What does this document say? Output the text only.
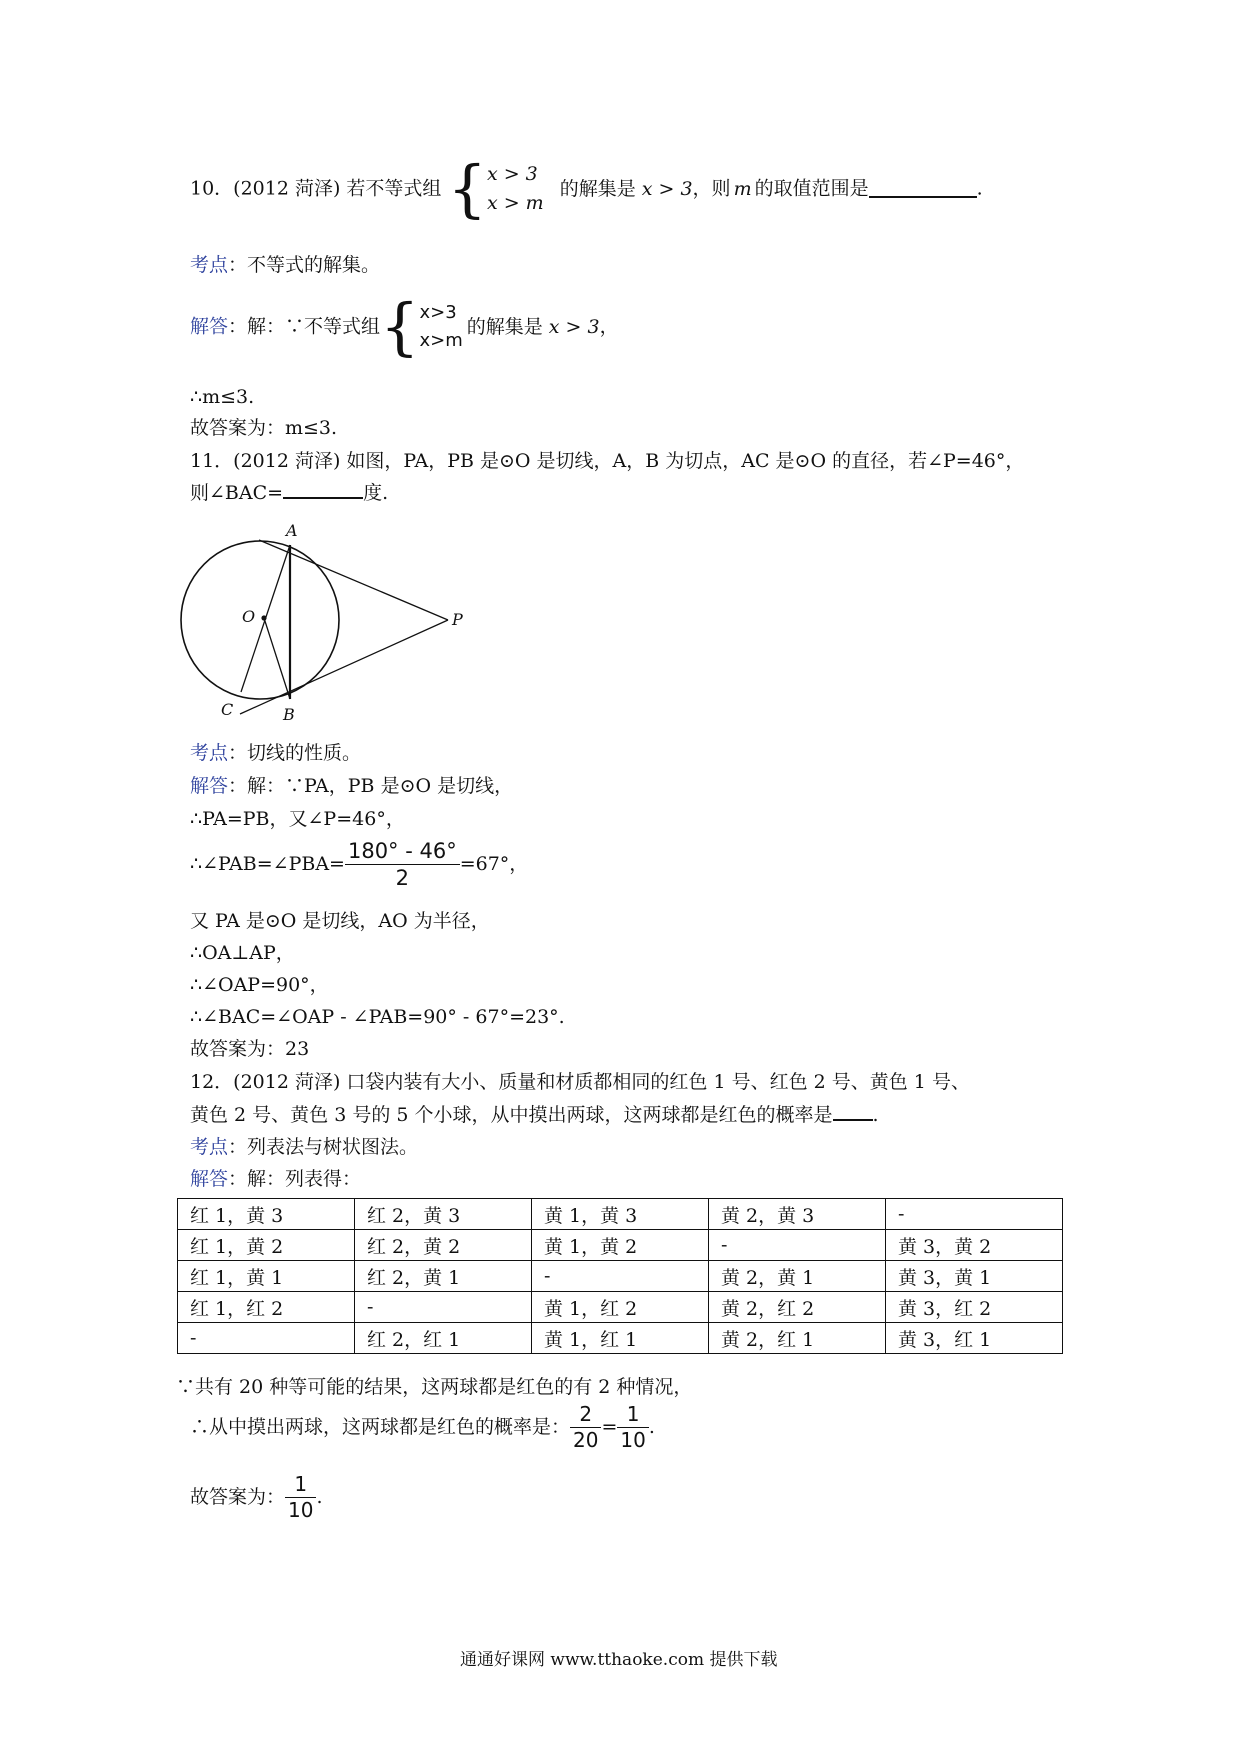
10．(2012 菏泽) 若不等式组 { x > 3
x > m
的解集是 x > 3，则 m 的取值范围是	.
考点：不等式的解集。
解答：解：∵不等式组{ x>3
x>m
的解集是 x > 3，
∴m≤3.
故答案为：m≤3.
11．(2012 菏泽) 如图，PA，PB 是⊙O 是切线，A，B 为切点，AC 是⊙O 的直径，若∠P=46°，
则∠BAC=	度.
A
O	P
C	B
考点：切线的性质。
解答：解：∵PA，PB 是⊙O 是切线，
∴PA=PB，又∠P=46°，
∴∠PAB=∠PBA= $\frac{180^\circ - 46^\circ}{2} =67^\circ$，
又 PA 是⊙O 是切线，AO 为半径，
∴OA⊥AP，
∴∠OAP=90°，
∴∠BAC=∠OAP - ∠PAB=90° - 67°=23°.
故答案为：23
12．(2012 菏泽) 口袋内装有大小、质量和材质都相同的红色 1 号、红色 2 号、黄色 1 号、
黄色 2 号、黄色 3 号的 5 个小球，从中摸出两球，这两球都是红色的概率是 .
考点：列表法与树状图法。
解答：解：列表得：
红 1，黄 3	红 2，黄 3	黄 1，黄 3	黄 2，黄 3	-
红 1，黄 2	红 2，黄 2	黄 1，黄 2	-	黄 3，黄 2
红 1，黄 1	红 2，黄 1	-	黄 2，黄 1	黄 3，黄 1
红 1，红 2	-	黄 1，红 2	黄 2，红 2	黄 3，红 2
-	红 2，红 1	黄 1，红 1	黄 2，红 1	黄 3，红 1
∵共有 20 种等可能的结果，这两球都是红色的有 2 种情况，
∴从中摸出两球，这两球都是红色的概率是： $\frac{2}{20} = \frac{1}{10}$ .
故答案为： $\frac{1}{10}$ .
通通好课网 www.tthaoke.com 提供下载
